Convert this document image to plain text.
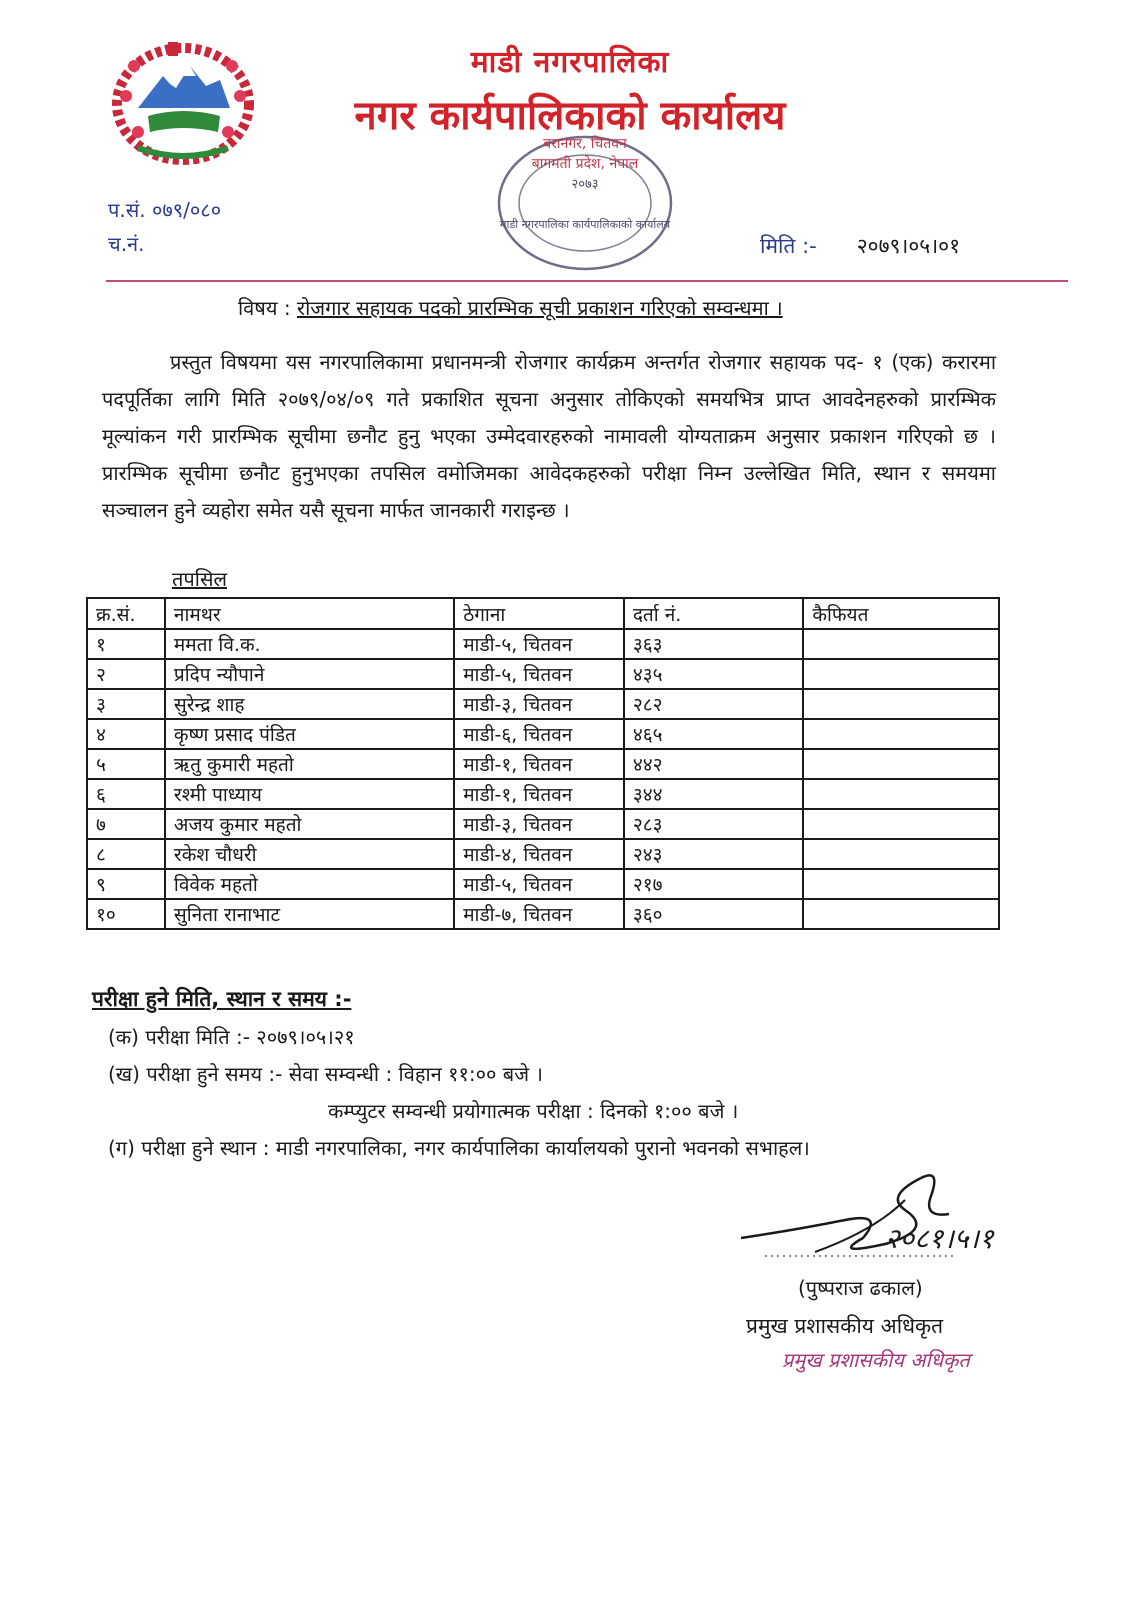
माडी नगरपालिका
नगर कार्यपालिकाको कार्यालय
बरानगर, चितवन
बागमती प्रदेश, नेपाल
२०७३
माडी नगरपालिका कार्यपालिकाको कार्यालय
प.सं. ०७९/०८०
च.नं.	मिति :- २०७९।०५।०१
विषय : रोजगार सहायक पदको प्रारम्भिक सूची प्रकाशन गरिएको सम्वन्धमा ।
प्रस्तुत विषयमा यस नगरपालिकामा प्रधानमन्त्री रोजगार कार्यक्रम अन्तर्गत रोजगार सहायक पद- १ (एक) करारमा पदपूर्तिका लागि मिति २०७९/०४/०९ गते प्रकाशित सूचना अनुसार तोकिएको समयभित्र प्राप्त आवदेनहरुको प्रारम्भिक मूल्यांकन गरी प्रारम्भिक सूचीमा छनौट हुनु भएका उम्मेदवारहरुको नामावली योग्यताक्रम अनुसार प्रकाशन गरिएको छ । प्रारम्भिक सूचीमा छनौट हुनुभएका तपसिल वमोजिमका आवेदकहरुको परीक्षा निम्न उल्लेखित मिति, स्थान र समयमा सञ्चालन हुने व्यहोरा समेत यसै सूचना मार्फत जानकारी गराइन्छ ।
तपसिल
क्र.सं.	नामथर	ठेगाना	दर्ता नं.	कैफियत
१	ममता वि.क.	माडी-५, चितवन	३६३	
२	प्रदिप न्यौपाने	माडी-५, चितवन	४३५	
३	सुरेन्द्र शाह	माडी-३, चितवन	२८२	
४	कृष्ण प्रसाद पंडित	माडी-६, चितवन	४६५	
५	ऋतु कुमारी महतो	माडी-१, चितवन	४४२	
६	रश्मी पाध्याय	माडी-१, चितवन	३४४	
७	अजय कुमार महतो	माडी-३, चितवन	२८३	
८	रकेश चौधरी	माडी-४, चितवन	२४३	
९	विवेक महतो	माडी-५, चितवन	२१७	
१०	सुनिता रानाभाट	माडी-७, चितवन	३६०	
परीक्षा हुने मिति, स्थान र समय :-
(क) परीक्षा मिति :- २०७९।०५।२१
(ख) परीक्षा हुने समय :- सेवा सम्वन्धी : विहान ११:०० बजे ।
कम्प्युटर सम्वन्धी प्रयोगात्मक परीक्षा : दिनको १:०० बजे ।
(ग) परीक्षा हुने स्थान : माडी नगरपालिका, नगर कार्यपालिका कार्यालयको पुरानो भवनको सभाहल।
२०८१।५।१
(पुष्पराज ढकाल)
प्रमुख प्रशासकीय अधिकृत
प्रमुख प्रशासकीय अधिकृत
